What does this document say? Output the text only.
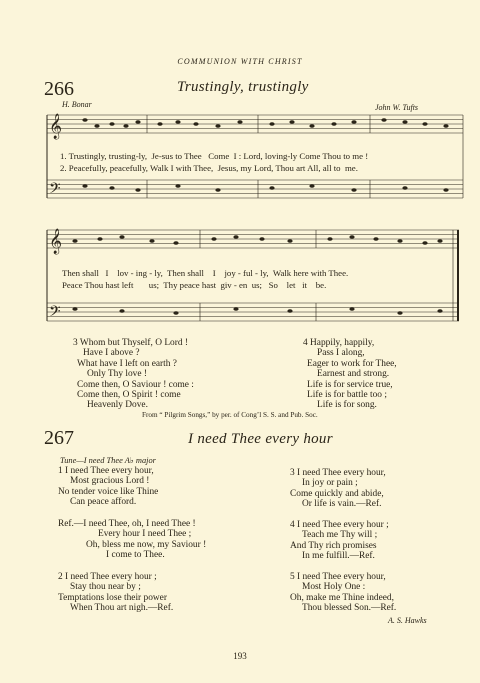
COMMUNION WITH CHRIST
266	Trustingly, trustingly
H. Bonar	John W. Tufts
𝄞
𝄢
𝄞
𝄢
1. Trustingly, trusting-ly,  Je-sus to Thee   Come  I : Lord, loving-ly Come Thou to me !
2. Peacefully, peacefully, Walk I with Thee,  Jesus, my Lord, Thou art All, all to  me.
Then shall   I    lov - ing - ly,  Then shall    I    joy - ful - ly,  Walk here with Thee.
Peace Thou hast left       us;  Thy peace hast  giv - en  us;   So    let   it    be.
3 Whom but Thyself, O Lord !
Have I above ?
What have I left on earth ?
Only Thy love !
Come then, O Saviour ! come :
Come then, O Spirit ! come
Heavenly Dove.
4 Happily, happily,
Pass I along,
Eager to work for Thee,
Earnest and strong.
Life is for service true,
Life is for battle too ;
Life is for song.
From “ Pilgrim Songs,” by per. of Cong’l S. S. and Pub. Soc.
267	I need Thee every hour
Tune—I need Thee A♭ major
1 I need Thee every hour,
Most gracious Lord !
No tender voice like Thine
Can peace afford.
Ref.—I need Thee, oh, I need Thee !
Every hour I need Thee ;
Oh, bless me now, my Saviour !
I come to Thee.
2 I need Thee every hour ;
Stay thou near by ;
Temptations lose their power
When Thou art nigh.—Ref.
3 I need Thee every hour,
In joy or pain ;
Come quickly and abide,
Or life is vain.—Ref.
4 I need Thee every hour ;
Teach me Thy will ;
And Thy rich promises
In me fulfill.—Ref.
5 I need Thee every hour,
Most Holy One :
Oh, make me Thine indeed,
Thou blessed Son.—Ref.
A. S. Hawks
193
